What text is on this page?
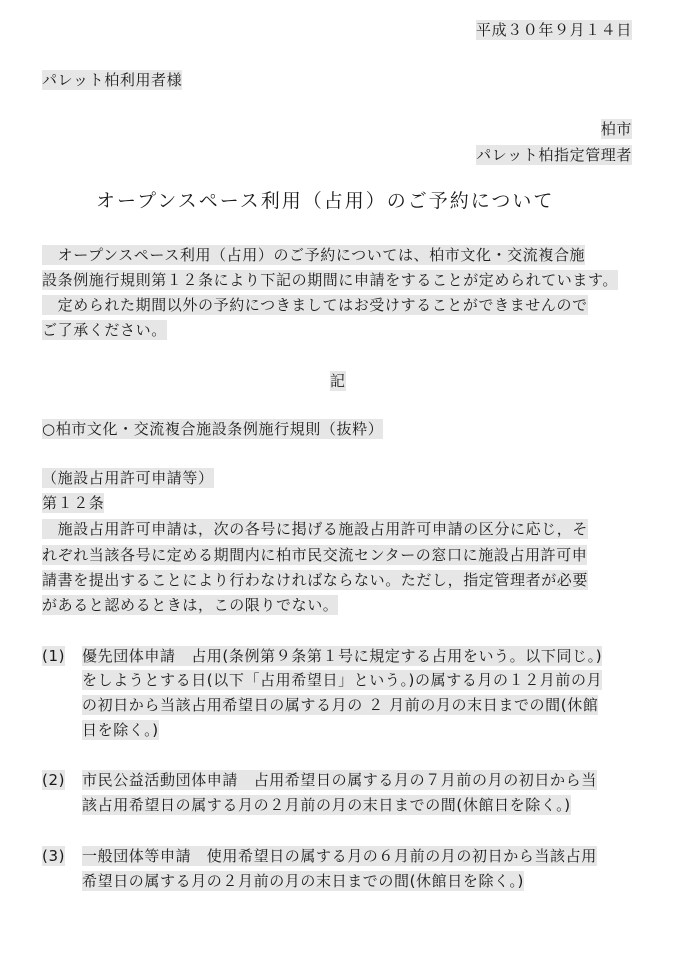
平成３０年９月１４日
パレット柏利用者様
柏市
パレット柏指定管理者
オープンスペース利用（占用）のご予約について
　オープンスペース利用（占用）のご予約については、柏市文化・交流複合施
設条例施行規則第１２条により下記の期間に申請をすることが定められています。
　定められた期間以外の予約につきましてはお受けすることができませんので
ご了承ください。
記
○柏市文化・交流複合施設条例施行規則（抜粋）
（施設占用許可申請等）
第１２条
　施設占用許可申請は，次の各号に掲げる施設占用許可申請の区分に応じ，そ
れぞれ当該各号に定める期間内に柏市民交流センターの窓口に施設占用許可申
請書を提出することにより行わなければならない。ただし，指定管理者が必要
があると認めるときは，この限りでない。
(1) 優先団体申請　占用(条例第９条第１号に規定する占用をいう。以下同じ。)
をしようとする日(以下「占用希望日」という。)の属する月の１２月前の月
の初日から当該占用希望日の属する月の ２ 月前の月の末日までの間(休館
日を除く。)
(2) 市民公益活動団体申請　占用希望日の属する月の７月前の月の初日から当
該占用希望日の属する月の２月前の月の末日までの間(休館日を除く。)
(3) 一般団体等申請　使用希望日の属する月の６月前の月の初日から当該占用
希望日の属する月の２月前の月の末日までの間(休館日を除く。)
